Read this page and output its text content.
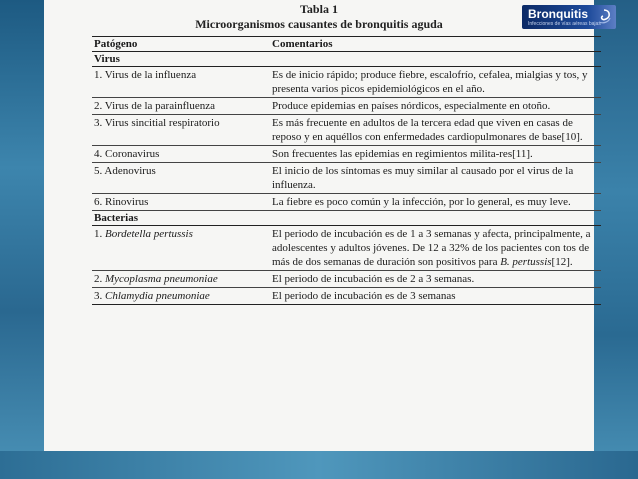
Tabla 1
Microorganismos causantes de bronquitis aguda
Patógeno	Comentarios
Virus	
1. Virus de la influenza	Es de inicio rápido; produce fiebre, escalofrío, cefalea, mialgias y tos, y presenta varios picos epidemiológicos en el año.
2. Virus de la parainfluenza	Produce epidemias en países nórdicos, especialmente en otoño.
3. Virus sincitial respiratorio	Es más frecuente en adultos de la tercera edad que viven en casas de reposo y en aquéllos con enfermedades cardiopulmonares de base[10].
4. Coronavirus	Son frecuentes las epidemias en regimientos milita-res[11].
5. Adenovirus	El inicio de los síntomas es muy similar al causado por el virus de la influenza.
6. Rinovirus	La fiebre es poco común y la infección, por lo general, es muy leve.
Bacterias	
1. Bordetella pertussis	El periodo de incubación es de 1 a 3 semanas y afecta, principalmente, a adolescentes y adultos jóvenes. De 12 a 32% de los pacientes con tos de más de dos semanas de duración son positivos para B. pertussis[12].
2. Mycoplasma pneumoniae	El periodo de incubación es de 2 a 3 semanas.
3. Chlamydia pneumoniae	El periodo de incubación es de 3 semanas
Bronquitis
Infecciones de vías aéreas bajas
